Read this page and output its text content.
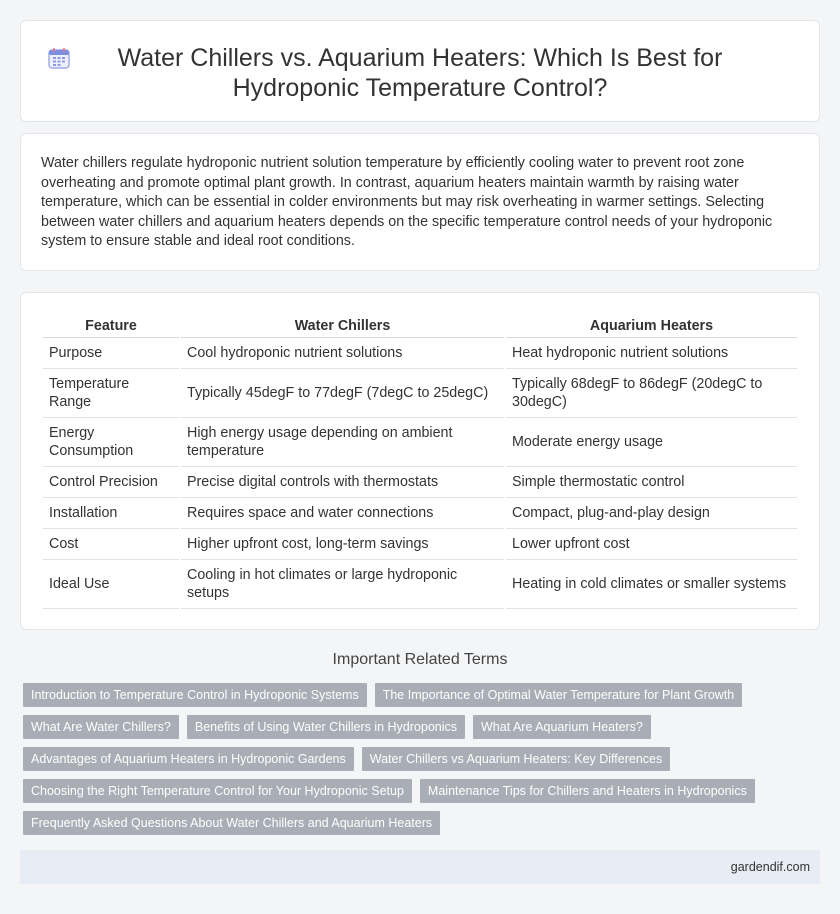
Water Chillers vs. Aquarium Heaters: Which Is Best for Hydroponic Temperature Control?

Water chillers regulate hydroponic nutrient solution temperature by efficiently cooling water to prevent root zone overheating and promote optimal plant growth. In contrast, aquarium heaters maintain warmth by raising water temperature, which can be essential in colder environments but may risk overheating in warmer settings. Selecting between water chillers and aquarium heaters depends on the specific temperature control needs of your hydroponic system to ensure stable and ideal root conditions.

Feature	Water Chillers	Aquarium Heaters
Purpose	Cool hydroponic nutrient solutions	Heat hydroponic nutrient solutions
Temperature Range	Typically 45degF to 77degF (7degC to 25degC)	Typically 68degF to 86degF (20degC to 30degC)
Energy Consumption	High energy usage depending on ambient temperature	Moderate energy usage
Control Precision	Precise digital controls with thermostats	Simple thermostatic control
Installation	Requires space and water connections	Compact, plug-and-play design
Cost	Higher upfront cost, long-term savings	Lower upfront cost
Ideal Use	Cooling in hot climates or large hydroponic setups	Heating in cold climates or smaller systems
Important Related Terms
Introduction to Temperature Control in Hydroponic Systems	The Importance of Optimal Water Temperature for Plant Growth
What Are Water Chillers?	Benefits of Using Water Chillers in Hydroponics	What Are Aquarium Heaters?
Advantages of Aquarium Heaters in Hydroponic Gardens	Water Chillers vs Aquarium Heaters: Key Differences
Choosing the Right Temperature Control for Your Hydroponic Setup	Maintenance Tips for Chillers and Heaters in Hydroponics
Frequently Asked Questions About Water Chillers and Aquarium Heaters
gardendif.com
